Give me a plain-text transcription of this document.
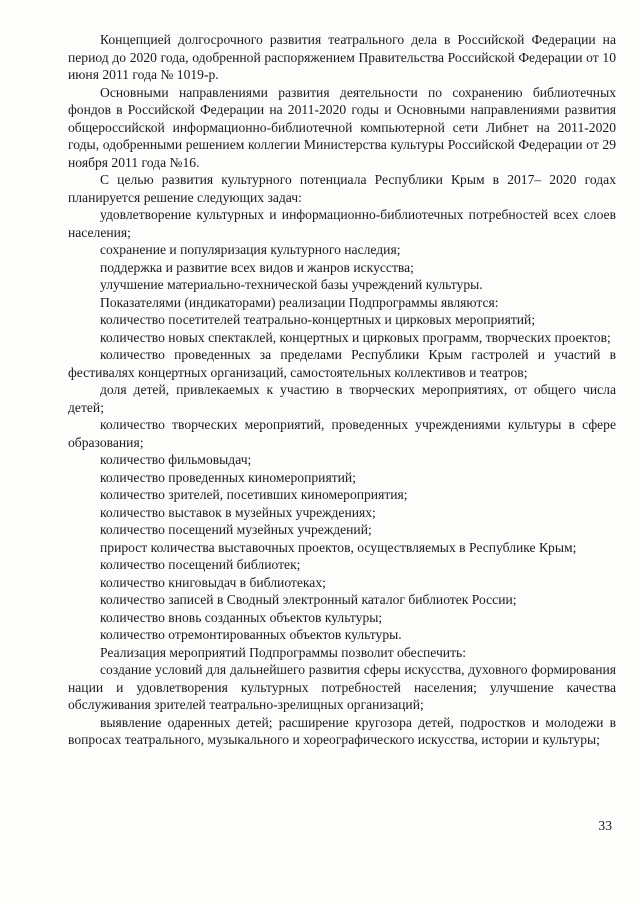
Концепцией долгосрочного развития театрального дела в Российской Федерации на период до 2020 года, одобренной распоряжением Правительства Российской Федерации от 10 июня 2011 года № 1019-р.

Основными направлениями развития деятельности по сохранению библиотечных фондов в Российской Федерации на 2011-2020 годы и Основными направлениями развития общероссийской информационно-библиотечной компьютерной сети Либнет на 2011-2020 годы, одобренными решением коллегии Министерства культуры Российской Федерации от 29 ноября 2011 года №16.

С целью развития культурного потенциала Республики Крым в 2017– 2020 годах планируется решение следующих задач:

удовлетворение культурных и информационно-библиотечных потребностей всех слоев населения;

сохранение и популяризация культурного наследия;

поддержка и развитие всех видов и жанров искусства;

улучшение материально-технической базы учреждений культуры.

Показателями (индикаторами) реализации Подпрограммы являются:

количество посетителей театрально-концертных и цирковых мероприятий;

количество новых спектаклей, концертных и цирковых программ, творческих проектов;

количество проведенных за пределами Республики Крым гастролей и участий в фестивалях концертных организаций, самостоятельных коллективов и театров;

доля детей, привлекаемых к участию в творческих мероприятиях, от общего числа детей;

количество творческих мероприятий, проведенных учреждениями культуры в сфере образования;

количество фильмовыдач;

количество проведенных киномероприятий;

количество зрителей, посетивших киномероприятия;

количество выставок в музейных учреждениях;

количество посещений музейных учреждений;

прирост количества выставочных проектов, осуществляемых в Республике Крым;

количество посещений библиотек;

количество книговыдач в библиотеках;

количество записей в Сводный электронный каталог библиотек России;

количество вновь созданных объектов культуры;

количество отремонтированных объектов культуры.

Реализация мероприятий Подпрограммы позволит обеспечить:

создание условий для дальнейшего развития сферы искусства, духовного формирования нации и удовлетворения культурных потребностей населения; улучшение качества обслуживания зрителей театрально-зрелищных организаций;

выявление одаренных детей; расширение кругозора детей, подростков и молодежи в вопросах театрального, музыкального и хореографического искусства, истории и культуры;

33
